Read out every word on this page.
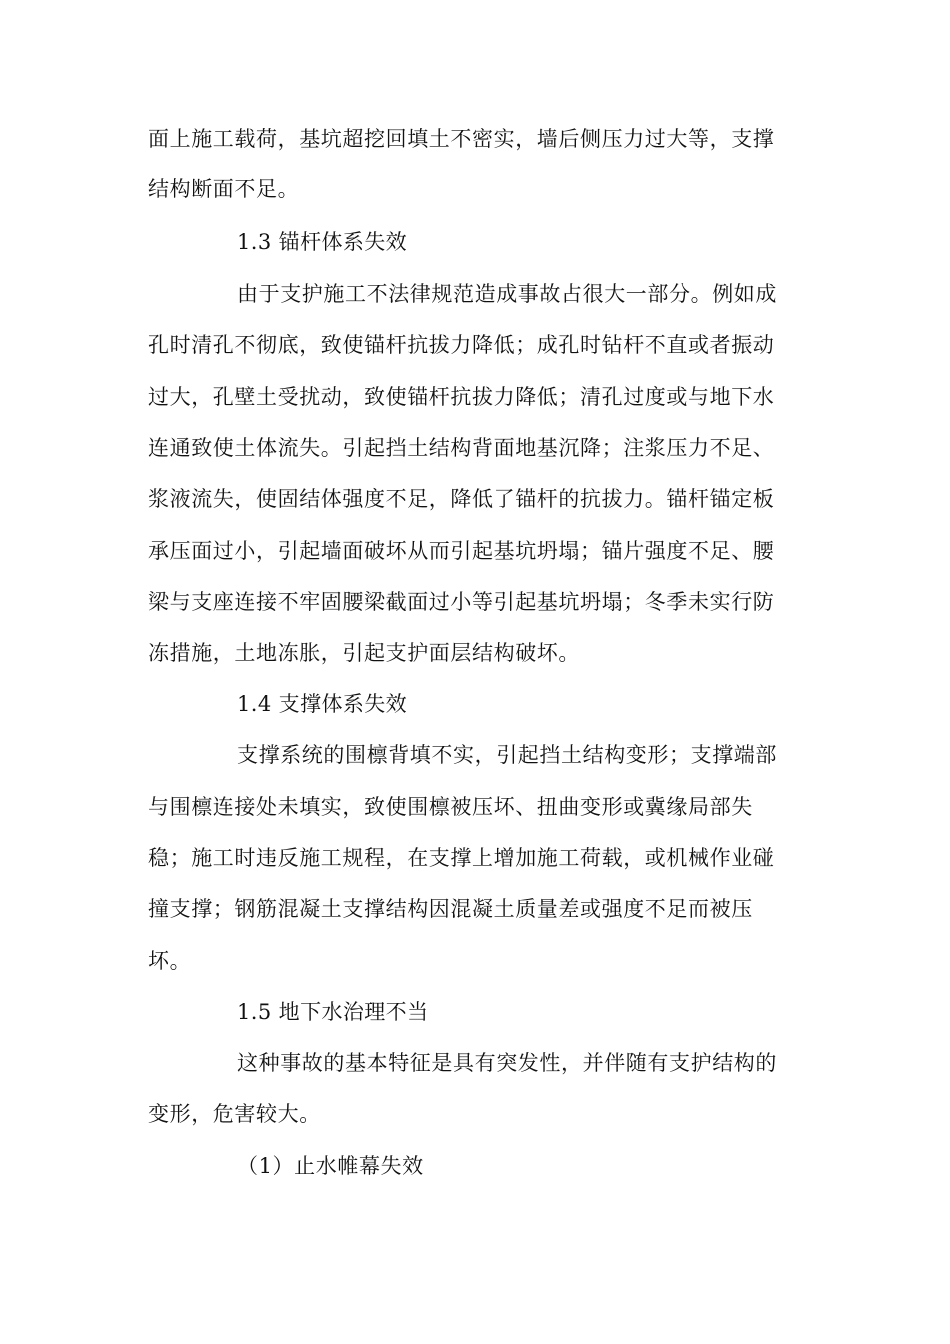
面上施工载荷，基坑超挖回填土不密实，墙后侧压力过大等，支撑
结构断面不足。
1.3 锚杆体系失效
由于支护施工不法律规范造成事故占很大一部分。例如成
孔时清孔不彻底，致使锚杆抗拔力降低；成孔时钻杆不直或者振动
过大，孔壁土受扰动，致使锚杆抗拔力降低；清孔过度或与地下水
连通致使土体流失。引起挡土结构背面地基沉降；注浆压力不足、
浆液流失，使固结体强度不足，降低了锚杆的抗拔力。锚杆锚定板
承压面过小，引起墙面破坏从而引起基坑坍塌；锚片强度不足、腰
梁与支座连接不牢固腰梁截面过小等引起基坑坍塌；冬季未实行防
冻措施，土地冻胀，引起支护面层结构破坏。
1.4 支撑体系失效
支撑系统的围檩背填不实，引起挡土结构变形；支撑端部
与围檩连接处未填实，致使围檩被压坏、扭曲变形或冀缘局部失
稳；施工时违反施工规程，在支撑上增加施工荷载，或机械作业碰
撞支撑；钢筋混凝土支撑结构因混凝土质量差或强度不足而被压
坏。
1.5 地下水治理不当
这种事故的基本特征是具有突发性，并伴随有支护结构的
变形，危害较大。
（1）止水帷幕失效
